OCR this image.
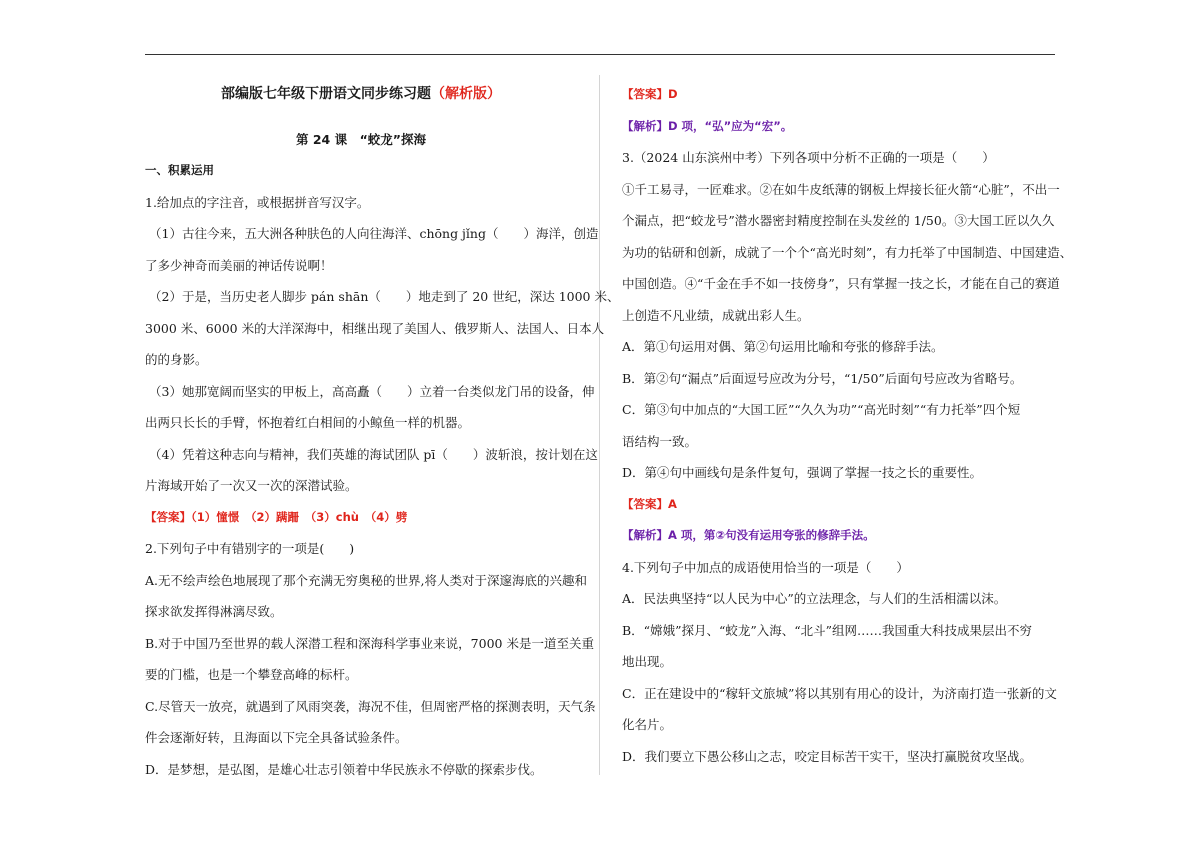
部编版七年级下册语文同步练习题（解析版）

第 24 课　“蛟龙”探海

一、积累运用

1.给加点的字注音，或根据拼音写汉字。

（1）古往今来，五大洲各种肤色的人向往海洋、chōng jǐng（　　）海洋，创造

了多少神奇而美丽的神话传说啊！

（2）于是，当历史老人脚步 pán shān（　　）地走到了 20 世纪，深达 1000 米、

3000 米、6000 米的大洋深海中，相继出现了美国人、俄罗斯人、法国人、日本人

的的身影。

（3）她那宽阔而坚实的甲板上，高高矗（　　）立着一台类似龙门吊的设备，伸

出两只长长的手臂，怀抱着红白相间的小鲸鱼一样的机器。

（4）凭着这种志向与精神，我们英雄的海试团队 pī（　　）波斩浪，按计划在这

片海域开始了一次又一次的深潜试验。

【答案】（1）憧憬　（2）蹒跚　（3）chù　（4）劈

2.下列句子中有错别字的一项是(　　)

A.无不绘声绘色地展现了那个充满无穷奥秘的世界,将人类对于深邃海底的兴趣和

探求欲发挥得淋漓尽致。

B.对于中国乃至世界的载人深潜工程和深海科学事业来说，7000 米是一道至关重

要的门槛，也是一个攀登高峰的标杆。

C.尽管天一放亮，就遇到了风雨突袭，海况不佳，但周密严格的探测表明，天气条

件会逐渐好转，且海面以下完全具备试验条件。

D．是梦想，是弘图，是雄心壮志引领着中华民族永不停歇的探索步伐。

【答案】D

【解析】D 项，“弘”应为“宏”。

3.（2024 山东滨州中考）下列各项中分析不正确的一项是（　　）

①千工易寻，一匠难求。②在如牛皮纸薄的钢板上焊接长征火箭“心脏”，不出一

个漏点，把“蛟龙号”潜水器密封精度控制在头发丝的 1/50。③大国工匠以久久

为功的钻研和创新，成就了一个个“高光时刻”，有力托举了中国制造、中国建造、

中国创造。④“千金在手不如一技傍身”，只有掌握一技之长，才能在自己的赛道

上创造不凡业绩，成就出彩人生。

A．第①句运用对偶、第②句运用比喻和夸张的修辞手法。

B．第②句“漏点”后面逗号应改为分号，“1/50”后面句号应改为省略号。

C．第③句中加点的“大国工匠”“久久为功”“高光时刻”“有力托举”四个短

语结构一致。

D．第④句中画线句是条件复句，强调了掌握一技之长的重要性。

【答案】A

【解析】A 项，第②句没有运用夸张的修辞手法。

4.下列句子中加点的成语使用恰当的一项是（　　）

A．民法典坚持“以人民为中心”的立法理念，与人们的生活相濡以沫。

B．“嫦娥”探月、“蛟龙”入海、“北斗”组网……我国重大科技成果层出不穷

地出现。

C．正在建设中的“稼轩文旅城”将以其别有用心的设计，为济南打造一张新的文

化名片。

D．我们要立下愚公移山之志，咬定目标苦干实干，坚决打赢脱贫攻坚战。
